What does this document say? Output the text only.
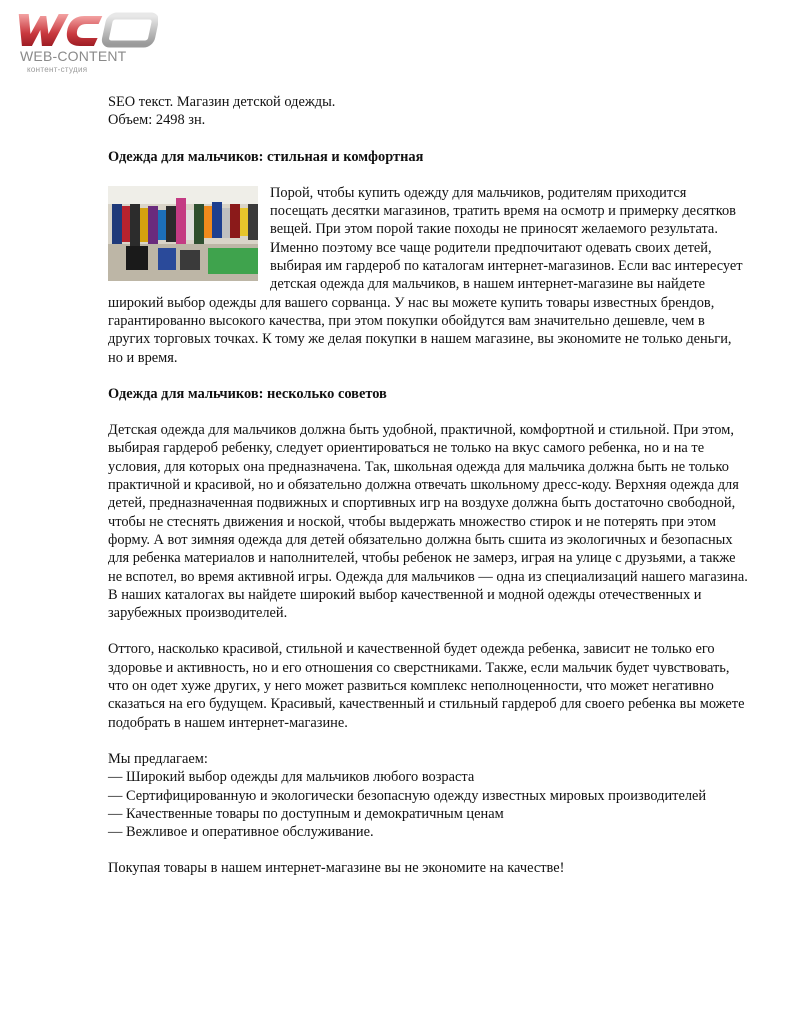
WEB-CONTENT
контент-студия

SEO текст. Магазин детской одежды.

Объем: 2498 зн.

Одежда для мальчиков: стильная и комфортная

Порой, чтобы купить одежду для мальчиков, родителям приходится посещать десятки магазинов, тратить время на осмотр и примерку десятков вещей. При этом порой такие походы не приносят желаемого результата. Именно поэтому все чаще родители предпочитают одевать своих детей, выбирая им гардероб по каталогам интернет-магазинов. Если вас интересует детская одежда для мальчиков, в нашем интернет-магазине вы найдете широкий выбор одежды для вашего сорванца. У нас вы можете купить товары известных брендов, гарантированно высокого качества, при этом покупки обойдутся вам значительно дешевле, чем в других торговых точках. К тому же делая покупки в нашем магазине, вы экономите не только деньги, но и время.

Одежда для мальчиков: несколько советов

Детская одежда для мальчиков должна быть удобной, практичной, комфортной и стильной. При этом, выбирая гардероб ребенку, следует ориентироваться не только на вкус самого ребенка, но и на те условия, для которых она предназначена. Так, школьная одежда для мальчика должна быть не только практичной и красивой, но и обязательно должна отвечать школьному дресс-коду. Верхняя одежда для детей, предназначенная подвижных и спортивных игр на воздухе должна быть достаточно свободной, чтобы не стеснять движения и ноской, чтобы выдержать множество стирок и не потерять при этом форму. А вот зимняя одежда для детей обязательно должна быть сшита из экологичных и безопасных для ребенка материалов и наполнителей, чтобы ребенок не замерз, играя на улице с друзьями, а также не вспотел, во время активной игры. Одежда для мальчиков — одна из специализаций нашего магазина. В наших каталогах вы найдете широкий выбор качественной и модной одежды отечественных и зарубежных производителей.

Оттого, насколько красивой, стильной и качественной будет одежда ребенка, зависит не только его здоровье и активность, но и его отношения со сверстниками. Также, если мальчик будет чувствовать, что он одет хуже других, у него может развиться комплекс неполноценности, что может негативно сказаться на его будущем. Красивый, качественный и стильный гардероб для своего ребенка вы можете подобрать в нашем интернет-магазине.

Мы предлагаем:

— Широкий выбор одежды для мальчиков любого возраста
— Сертифицированную и экологически безопасную одежду известных мировых производителей
— Качественные товары по доступным и демократичным ценам
— Вежливое и оперативное обслуживание.

Покупая товары в нашем интернет-магазине вы не экономите на качестве!
